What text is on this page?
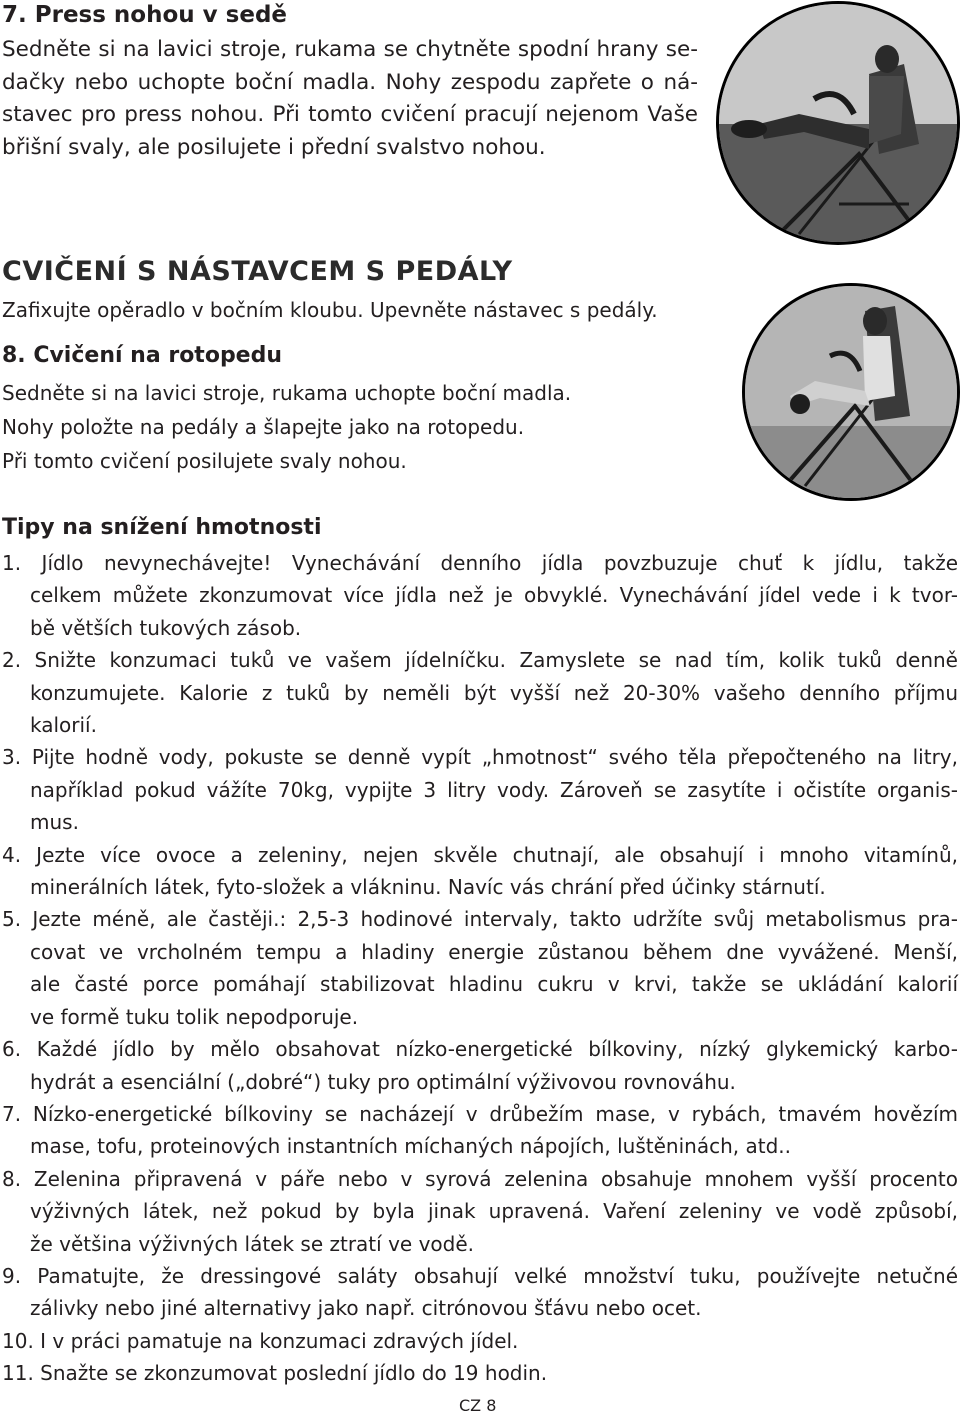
7. Press nohou v sedě
Sedněte si na lavici stroje, rukama se chytněte spodní hrany se-
dačky nebo uchopte boční madla. Nohy zespodu zapřete o ná-
stavec pro press nohou. Při tomto cvičení pracují nejenom Vaše
břišní svaly, ale posilujete i přední svalstvo nohou.
CVIČENÍ S NÁSTAVCEM S PEDÁLY

Zafixujte opěradlo v bočním kloubu. Upevněte nástavec s pedály.

8. Cvičení na rotopedu
Sedněte si na lavici stroje, rukama uchopte boční madla.
Nohy položte na pedály a šlapejte jako na rotopedu.
Při tomto cvičení posilujete svaly nohou.
Tipy na snížení hmotnosti
1. Jídlo nevynechávejte! Vynechávání denního jídla povzbuzuje chuť k jídlu, takže
celkem můžete zkonzumovat více jídla než je obvyklé. Vynechávání jídel vede i k tvor-
bě větších tukových zásob.
2. Snižte konzumaci tuků ve vašem jídelníčku. Zamyslete se nad tím, kolik tuků denně
konzumujete. Kalorie z tuků by neměli být vyšší než 20-30% vašeho denního příjmu
kalorií.
3. Pijte hodně vody, pokuste se denně vypít „hmotnost“ svého těla přepočteného na litry,
například pokud vážíte 70kg, vypijte 3 litry vody. Zároveň se zasytíte i očistíte organis-
mus.
4. Jezte více ovoce a zeleniny, nejen skvěle chutnají, ale obsahují i mnoho vitamínů,
minerálních látek, fyto-složek a vlákninu. Navíc vás chrání před účinky stárnutí.
5. Jezte méně, ale častěji.: 2,5-3 hodinové intervaly, takto udržíte svůj metabolismus pra-
covat ve vrcholném tempu a hladiny energie zůstanou během dne vyvážené. Menší,
ale časté porce pomáhají stabilizovat hladinu cukru v krvi, takže se ukládání kalorií
ve formě tuku tolik nepodporuje.
6. Každé jídlo by mělo obsahovat nízko-energetické bílkoviny, nízký glykemický karbo-
hydrát a esenciální („dobré“) tuky pro optimální výživovou rovnováhu.
7. Nízko-energetické bílkoviny se nacházejí v drůbežím mase, v rybách, tmavém hovězím
mase, tofu, proteinových instantních míchaných nápojích, luštěninách, atd..
8. Zelenina připravená v páře nebo v syrová zelenina obsahuje mnohem vyšší procento
výživných látek, než pokud by byla jinak upravená. Vaření zeleniny ve vodě způsobí,
že většina výživných látek se ztratí ve vodě.
9. Pamatujte, že dressingové saláty obsahují velké množství tuku, používejte netučné
zálivky nebo jiné alternativy jako např. citrónovou šťávu nebo ocet.
10. I v práci pamatuje na konzumaci zdravých jídel.
11. Snažte se zkonzumovat poslední jídlo do 19 hodin.
CZ 8
